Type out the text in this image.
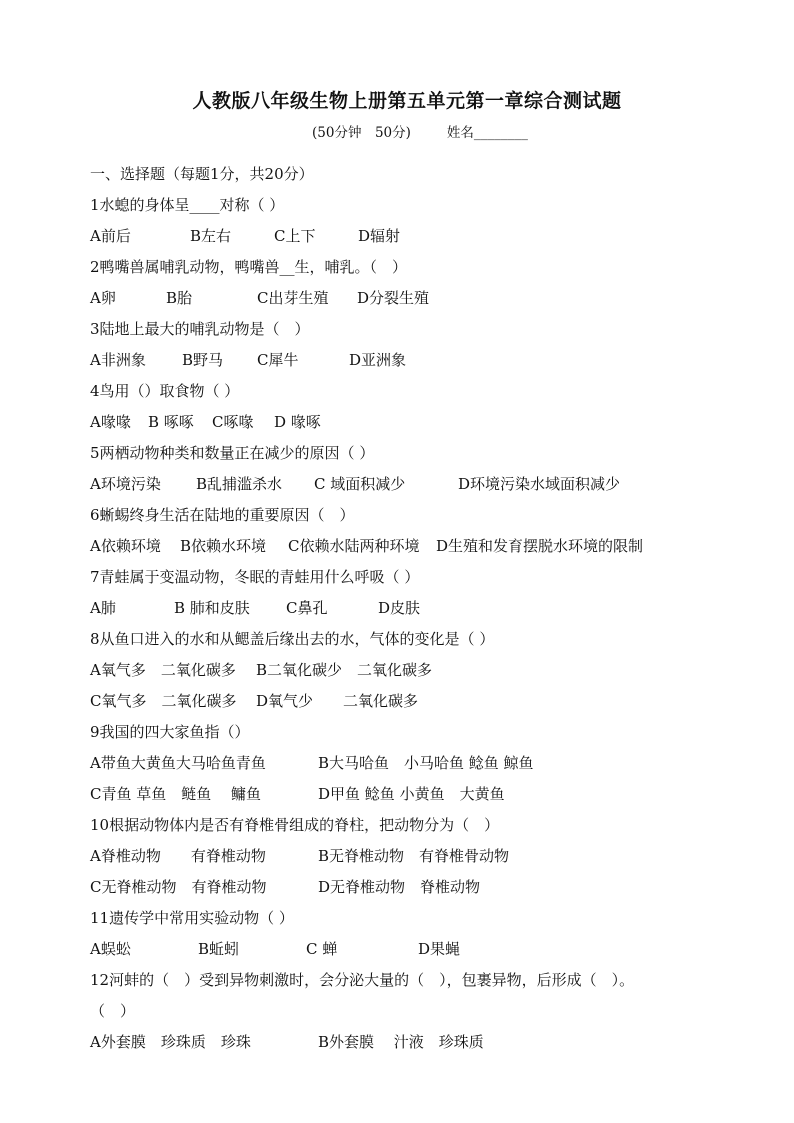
人教版八年级生物上册第五单元第一章综合测试题
(50分钟　50分)	姓名________
一、选择题（每题1分，共20分）
1水螅的身体呈____对称（ ）
A前后	B左右	C上下	D辐射
2鸭嘴兽属哺乳动物，鸭嘴兽__生，哺乳。（　）
A卵	B胎	C出芽生殖 D分裂生殖
3陆地上最大的哺乳动物是（　）
A非洲象 B野马 C犀牛	D亚洲象
4鸟用（）取食物（ ）
A喙喙 B 啄啄 C啄喙 D 喙啄
5两栖动物种类和数量正在减少的原因（ ）
A环境污染 B乱捕滥杀水 C 域面积减少	D环境污染水域面积减少
6蜥蜴终身生活在陆地的重要原因（　）
A依赖环境 B依赖水环境 C依赖水陆两种环境 D生殖和发育摆脱水环境的限制
7青蛙属于变温动物，冬眠的青蛙用什么呼吸（ ）
A肺	B 肺和皮肤 C鼻孔	D皮肤
8从鱼口进入的水和从鳃盖后缘出去的水，气体的变化是（ ）
A氧气多　二氧化碳多 B二氧化碳少　二氧化碳多
C氧气多　二氧化碳多 D氧气少　　二氧化碳多
9我国的四大家鱼指（）
A带鱼大黄鱼大马哈鱼青鱼	B大马哈鱼　小马哈鱼 鲶鱼 鲸鱼
C青鱼 草鱼　鲢鱼　 鳙鱼	D甲鱼 鲶鱼 小黄鱼　大黄鱼
10根据动物体内是否有脊椎骨组成的脊柱，把动物分为（　）
A脊椎动物　　有脊椎动物	B无脊椎动物　有脊椎骨动物
C无脊椎动物　有脊椎动物	D无脊椎动物　脊椎动物
11遗传学中常用实验动物（ ）
A蜈蚣	B蚯蚓	C 蝉	D果蝇
12河蚌的（　）受到异物刺激时，会分泌大量的（　），包裹异物，后形成（　）。
（　）
A外套膜　珍珠质　珍珠	B外套膜　 汁液　珍珠质
